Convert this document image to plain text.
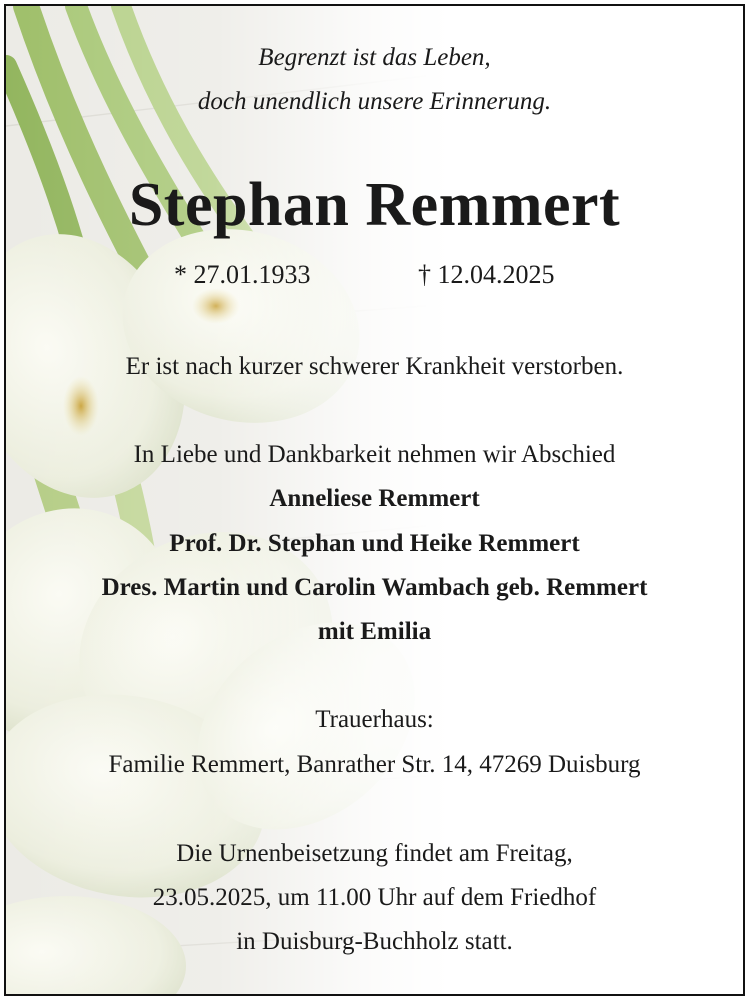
Begrenzt ist das Leben,
doch unendlich unsere Erinnerung.
Stephan Remmert
* 27.01.1933	† 12.04.2025
Er ist nach kurzer schwerer Krankheit verstorben.
In Liebe und Dankbarkeit nehmen wir Abschied
Anneliese Remmert
Prof. Dr. Stephan und Heike Remmert
Dres. Martin und Carolin Wambach geb. Remmert
mit Emilia
Trauerhaus:
Familie Remmert, Banrather Str. 14, 47269 Duisburg
Die Urnenbeisetzung findet am Freitag,
23.05.2025, um 11.00 Uhr auf dem Friedhof
in Duisburg-Buchholz statt.
